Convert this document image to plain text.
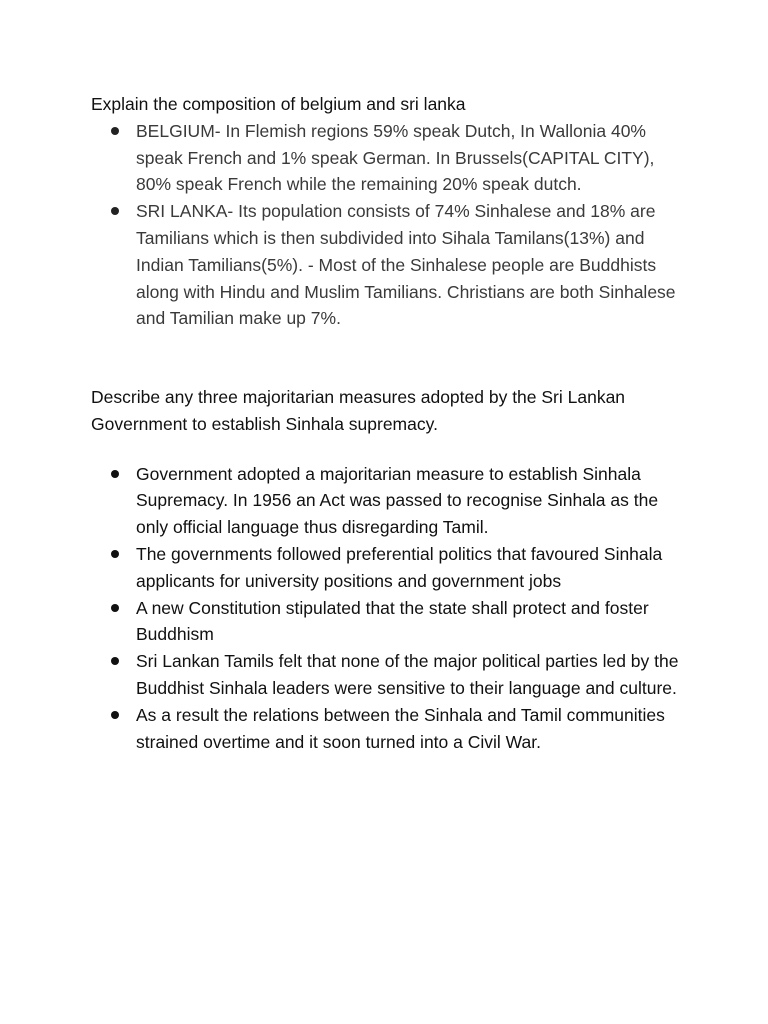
Explain the composition of belgium and sri lanka

BELGIUM- In Flemish regions 59% speak Dutch, In Wallonia 40% speak French and 1% speak German. In Brussels(CAPITAL CITY), 80% speak French while the remaining 20% speak dutch.
SRI LANKA- Its population consists of 74% Sinhalese and 18% are Tamilians which is then subdivided into Sihala Tamilans(13%) and Indian Tamilians(5%). - Most of the Sinhalese people are Buddhists along with Hindu and Muslim Tamilians. Christians are both Sinhalese and Tamilian make up 7%.

Describe any three majoritarian measures adopted by the Sri Lankan Government to establish Sinhala supremacy.

Government adopted a majoritarian measure to establish Sinhala Supremacy. In 1956 an Act was passed to recognise Sinhala as the only official language thus disregarding Tamil.
The governments followed preferential politics that favoured Sinhala applicants for university positions and government jobs
A new Constitution stipulated that the state shall protect and foster Buddhism
Sri Lankan Tamils felt that none of the major political parties led by the Buddhist Sinhala leaders were sensitive to their language and culture.
As a result the relations between the Sinhala and Tamil communities strained overtime and it soon turned into a Civil War.
